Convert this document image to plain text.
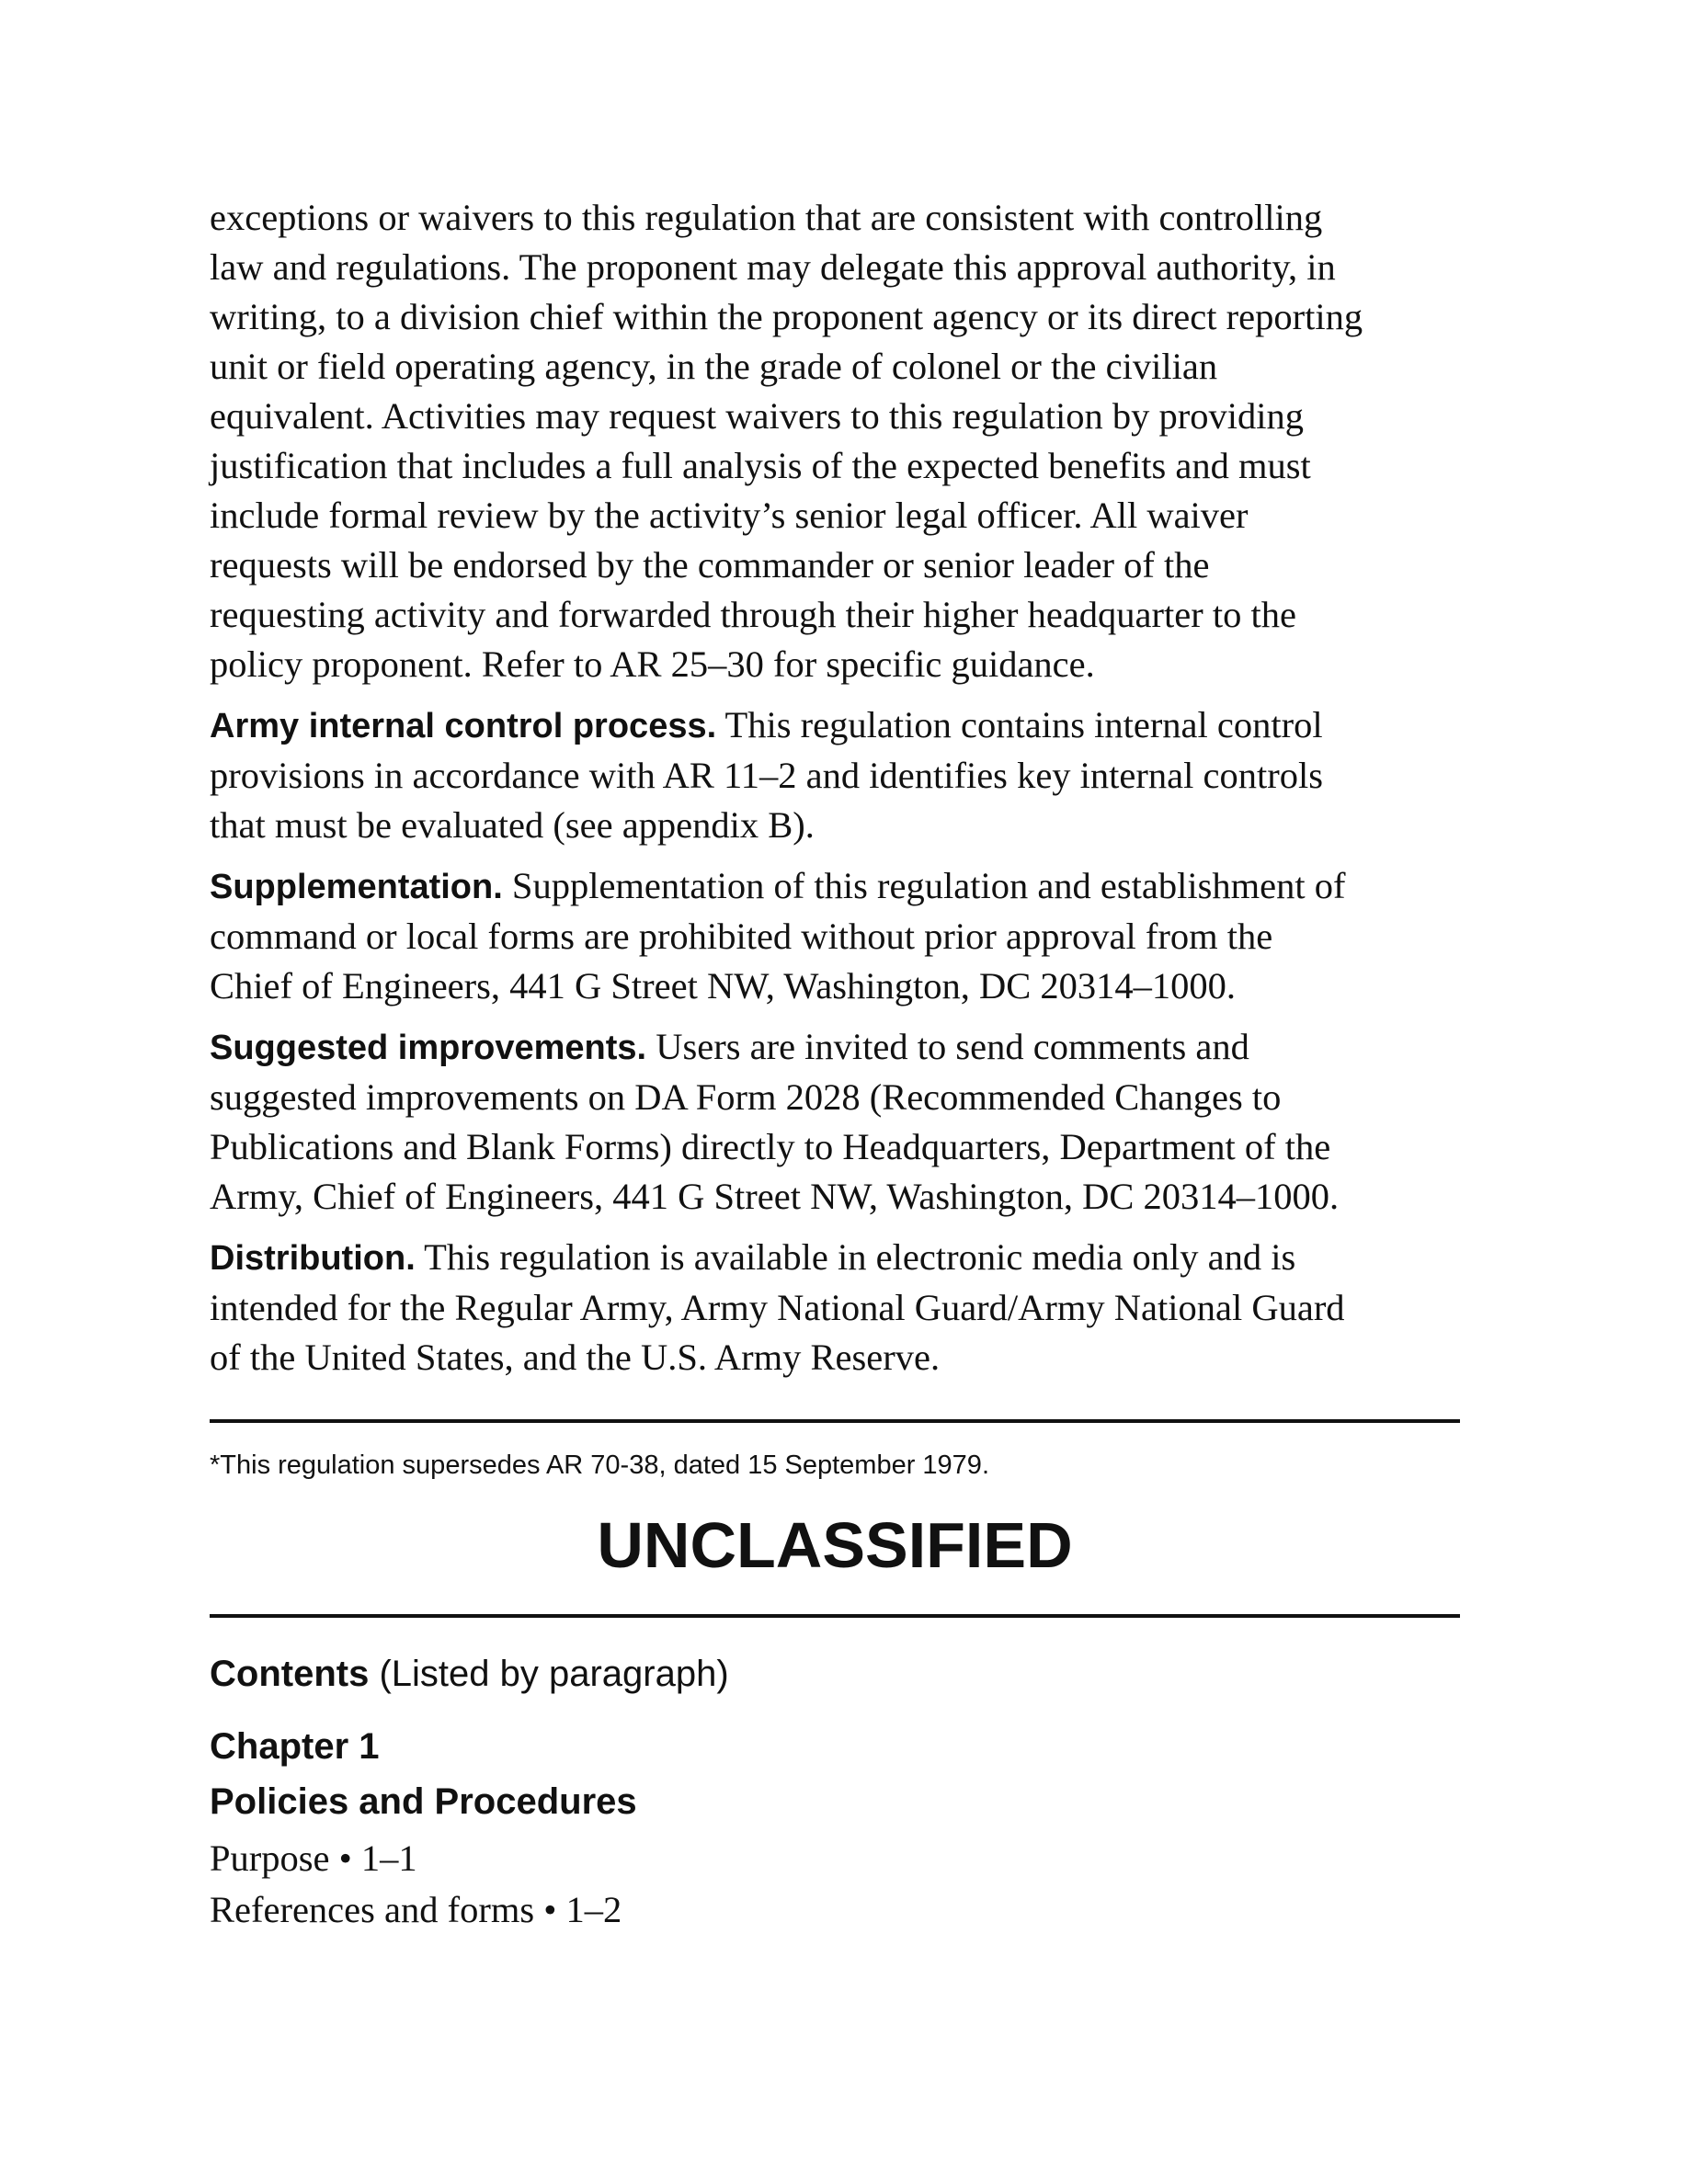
exceptions or waivers to this regulation that are consistent with controlling
law and regulations. The proponent may delegate this approval authority, in
writing, to a division chief within the proponent agency or its direct reporting
unit or field operating agency, in the grade of colonel or the civilian
equivalent. Activities may request waivers to this regulation by providing
justification that includes a full analysis of the expected benefits and must
include formal review by the activity’s senior legal officer. All waiver
requests will be endorsed by the commander or senior leader of the
requesting activity and forwarded through their higher headquarter to the
policy proponent. Refer to AR 25–30 for specific guidance.
Army internal control process. This regulation contains internal control
provisions in accordance with AR 11–2 and identifies key internal controls
that must be evaluated (see appendix B).
Supplementation. Supplementation of this regulation and establishment of
command or local forms are prohibited without prior approval from the
Chief of Engineers, 441 G Street NW, Washington, DC 20314–1000.
Suggested improvements. Users are invited to send comments and
suggested improvements on DA Form 2028 (Recommended Changes to
Publications and Blank Forms) directly to Headquarters, Department of the
Army, Chief of Engineers, 441 G Street NW, Washington, DC 20314–1000.
Distribution. This regulation is available in electronic media only and is
intended for the Regular Army, Army National Guard/Army National Guard
of the United States, and the U.S. Army Reserve.
*This regulation supersedes AR 70-38, dated 15 September 1979.
UNCLASSIFIED
Contents (Listed by paragraph)
Chapter 1
Policies and Procedures
Purpose • 1–1
References and forms • 1–2
